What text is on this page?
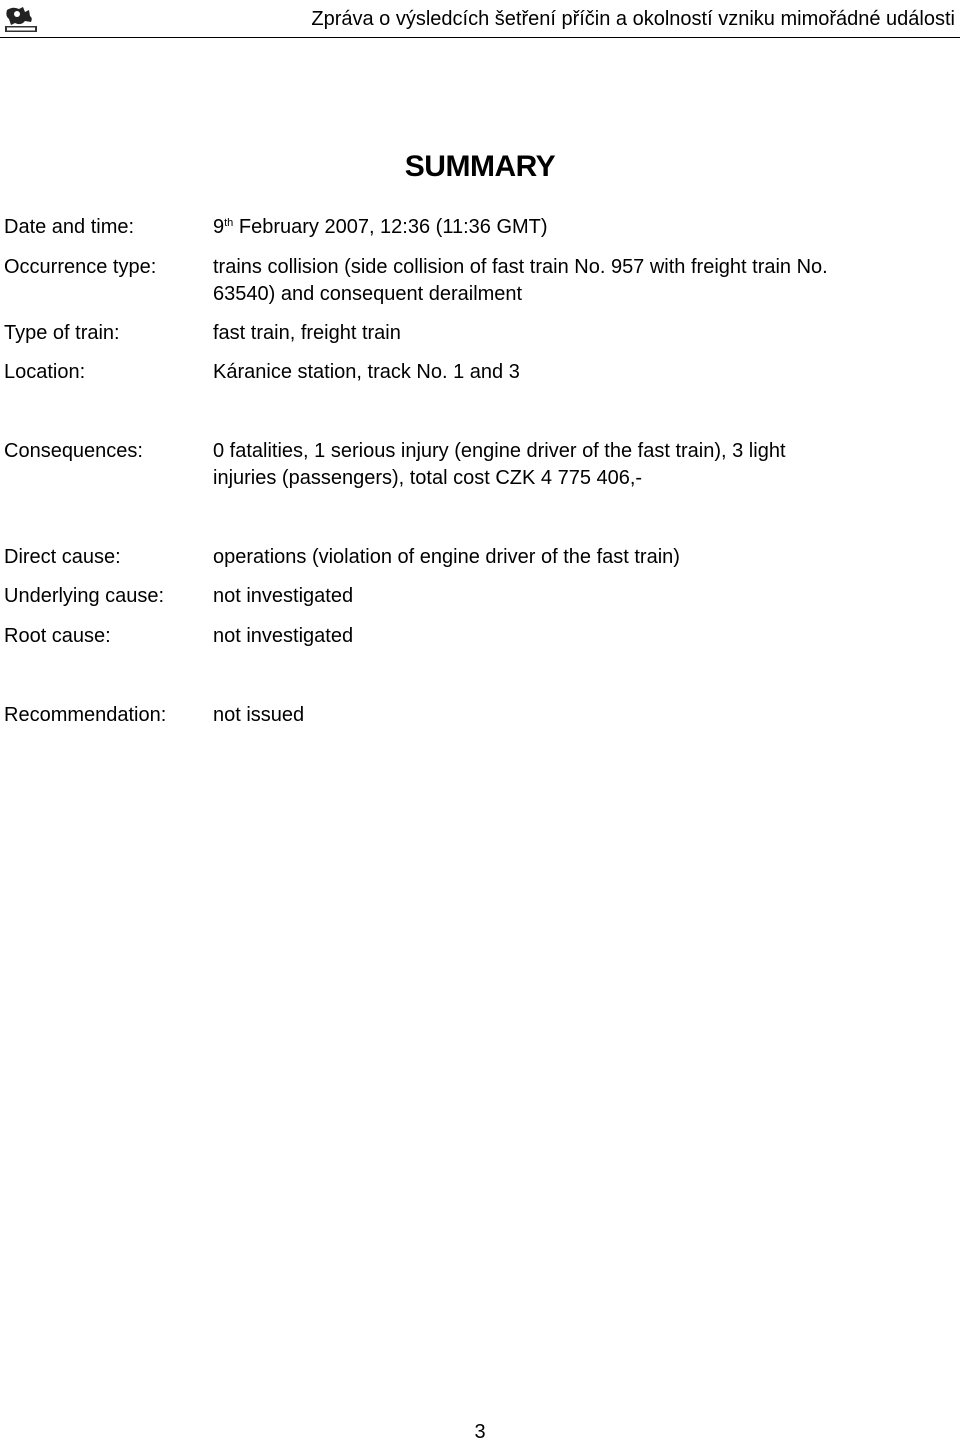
Zpráva o výsledcích šetření příčin a okolností vzniku mimořádné události
SUMMARY
Date and time:	9th February 2007, 12:36 (11:36 GMT)
Occurrence type:	trains collision (side collision of fast train No. 957 with freight train No.
63540) and consequent derailment
Type of train:	fast train, freight train
Location:	Káranice station, track No. 1 and 3
Consequences:	0 fatalities, 1 serious injury (engine driver of the fast train), 3 light
injuries (passengers), total cost CZK 4 775 406,-
Direct cause:	operations (violation of engine driver of the fast train)
Underlying cause: not investigated
Root cause:	not investigated
Recommendation: not issued
3
